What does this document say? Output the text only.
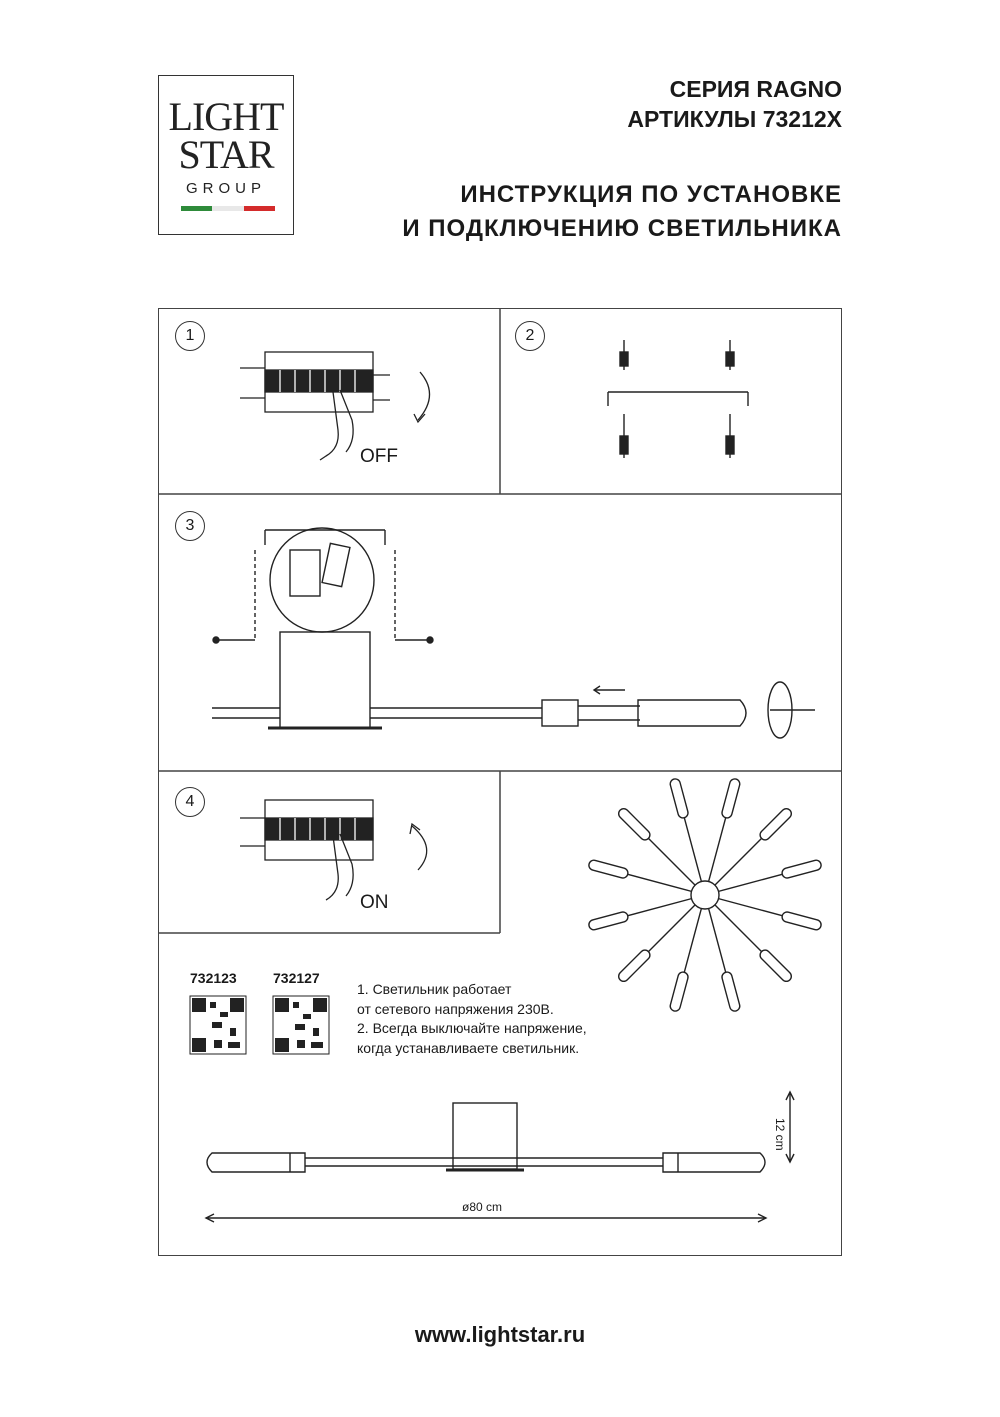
LIGHT
STAR
GROUP
СЕРИЯ RAGNO
АРТИКУЛЫ 73212X
ИНСТРУКЦИЯ ПО УСТАНОВКЕ
И ПОДКЛЮЧЕНИЮ СВЕТИЛЬНИКА
1	2
3
4
OFF
ON
732123	732127
1. Светильник работает
от сетевого напряжения 230В.
2. Всегда выключайте напряжение,
когда устанавливаете светильник.
ø80 cm
12 cm
www.lightstar.ru
